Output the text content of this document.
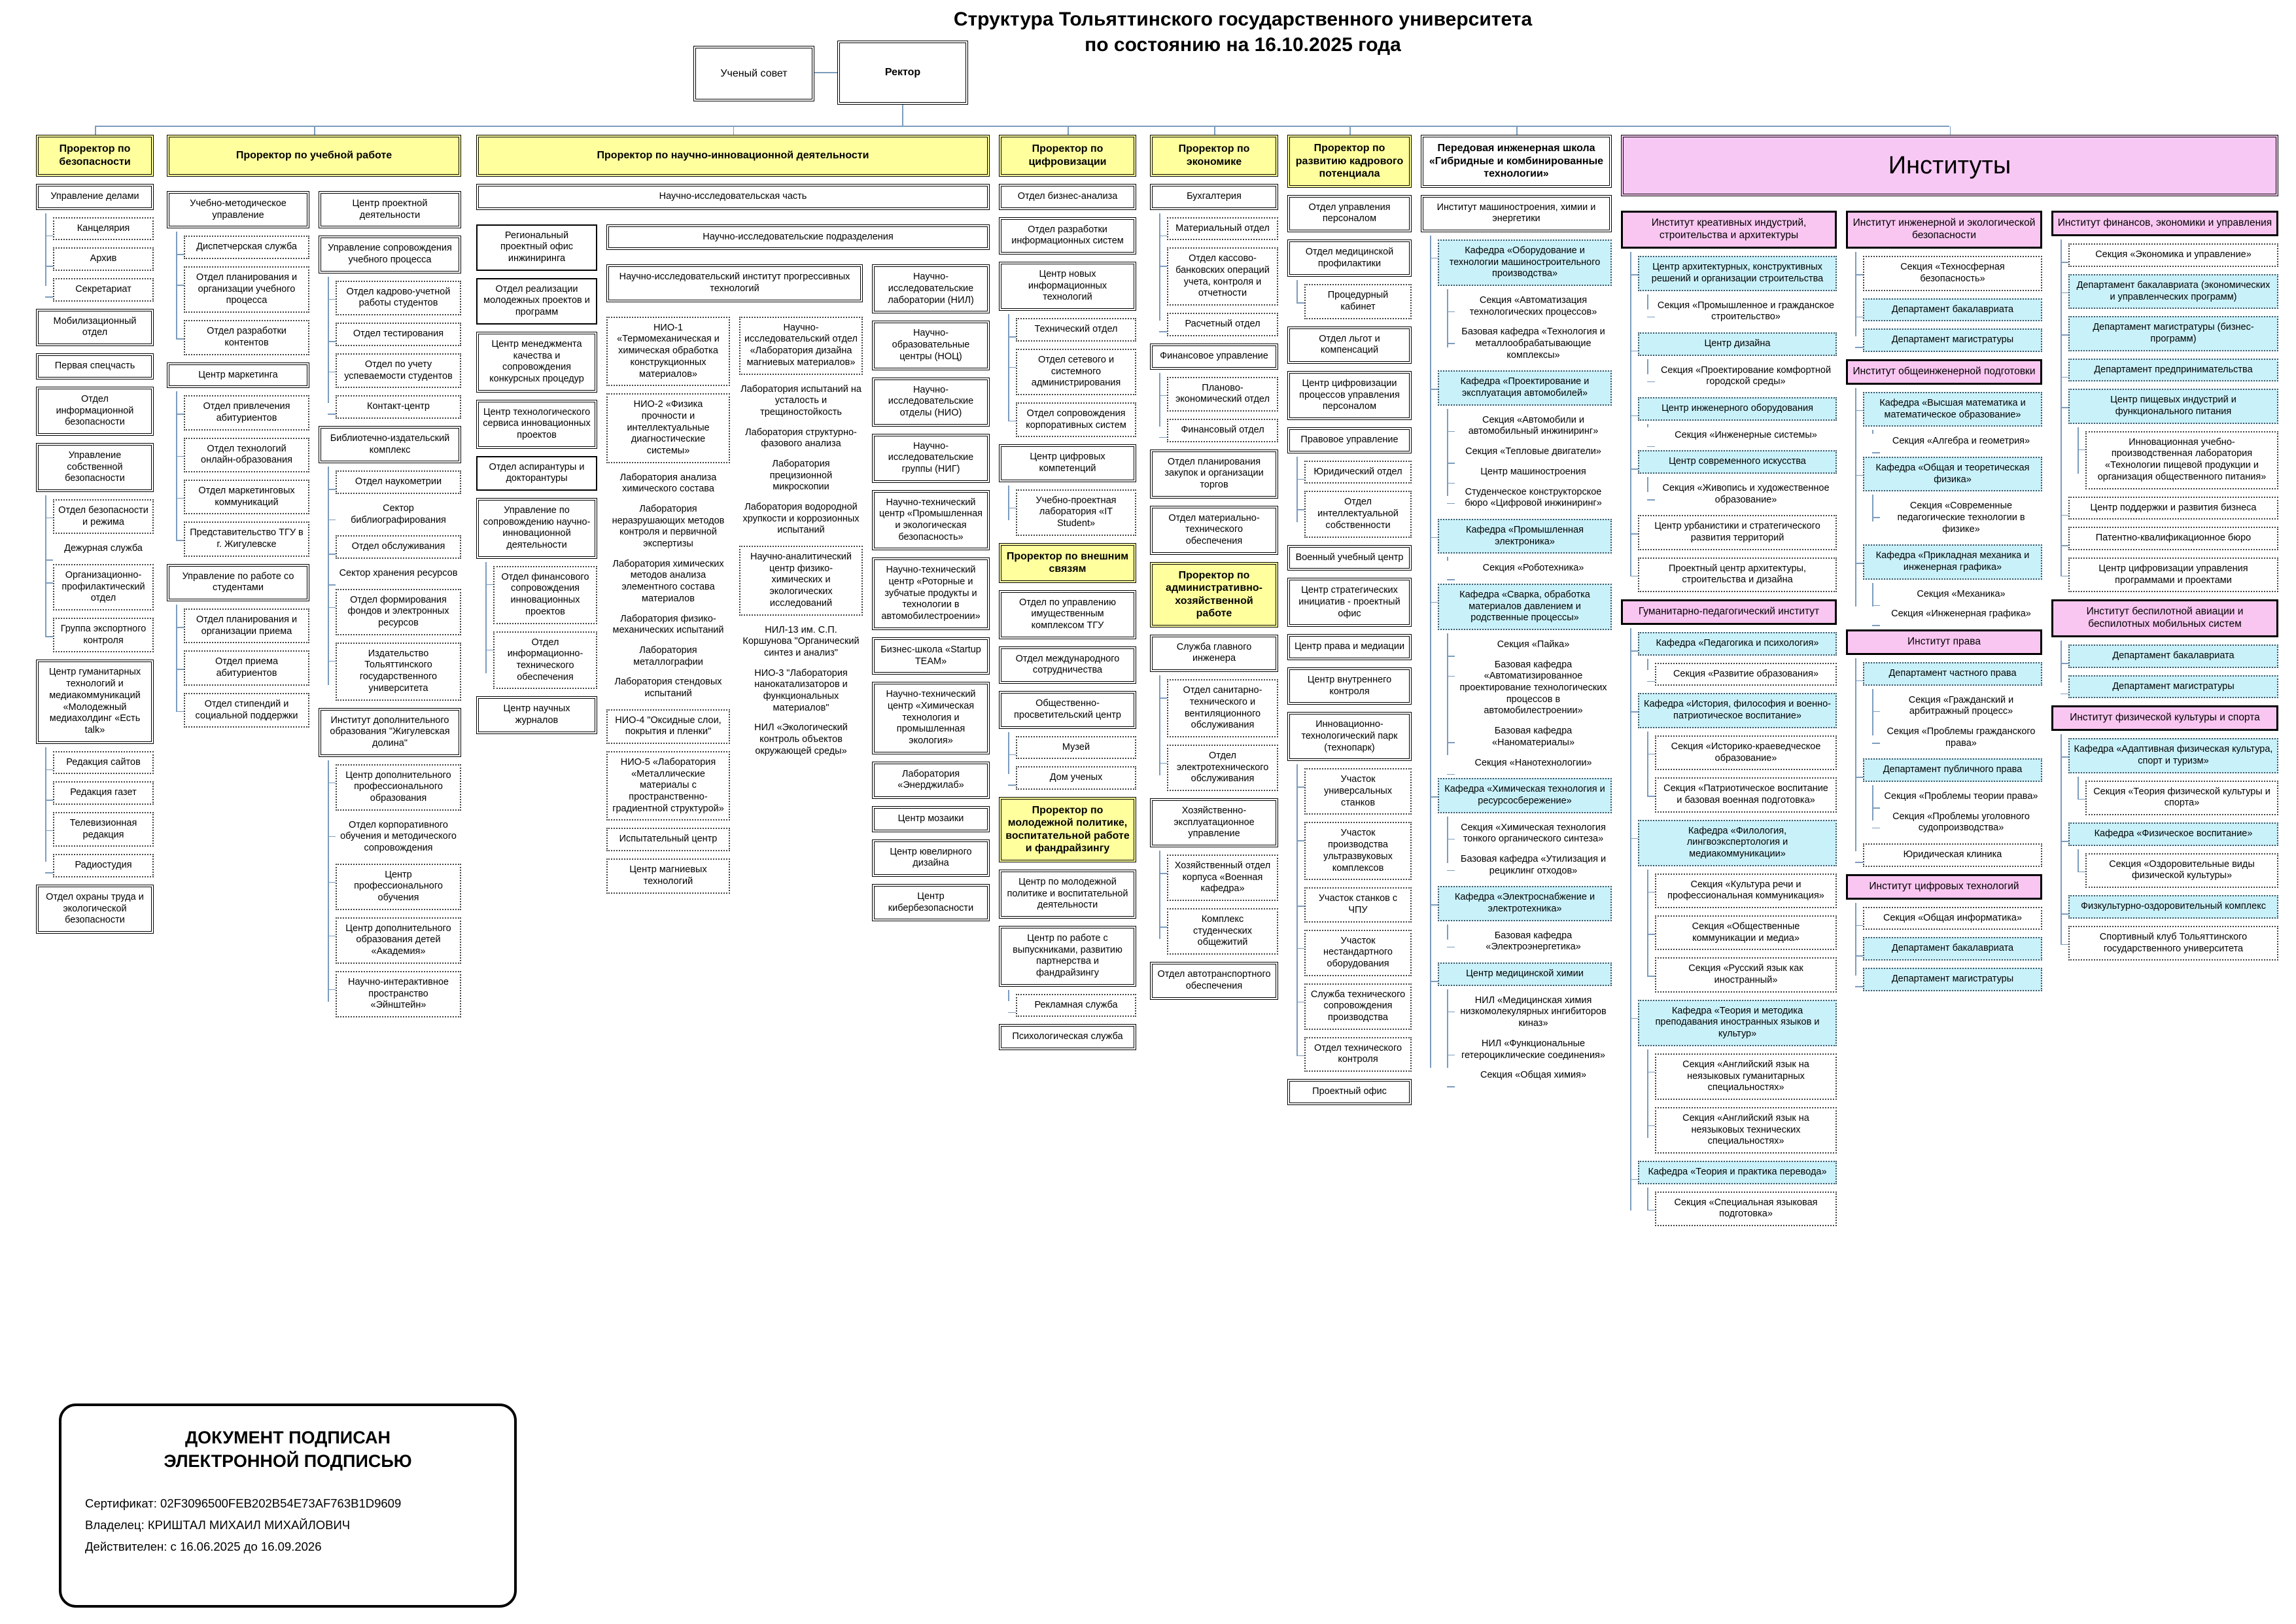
Структура Тольяттинского государственного университета
по состоянию на 16.10.2025 года
Ученый совет	Ректор
Проректор по безопасности
Управление делами
Канцелярия
Архив
Секретариат
Мобилизационный отдел
Первая спецчасть
Отдел информационной безопасности
Управление собственной безопасности
Отдел безопасности и режима
Дежурная служба
Организационно-профилактический отдел
Группа экспортного контроля
Центр гуманитарных технологий и медиакоммуникаций «Молодежный медиахолдинг «Есть talk»
Редакция сайтов
Редакция газет
Телевизионная редакция
Радиостудия
Отдел охраны труда и экологической безопасности
Проректор по учебной работе
Учебно-методическое управление
Диспетчерская служба
Отдел планирования и организации учебного процесса
Отдел разработки контентов
Центр маркетинга
Отдел привлечения абитуриентов
Отдел технологий онлайн-образования
Отдел маркетинговых коммуникаций
Представительство ТГУ в г. Жигулевске
Управление по работе со студентами
Отдел планирования и организации приема
Отдел приема абитуриентов
Отдел стипендий и социальной поддержки
Центр проектной деятельности
Управление сопровождения учебного процесса
Отдел кадрово-учетной работы студентов
Отдел тестирования
Отдел по учету успеваемости студентов
Контакт-центр
Библиотечно-издательский комплекс
Отдел наукометрии
Сектор библиографирования
Отдел обслуживания
Сектор хранения ресурсов
Отдел формирования фондов и электронных ресурсов
Издательство Тольяттинского государственного университета
Институт дополнительного образования "Жигулевская долина"
Центр дополнительного профессионального образования
Отдел корпоративного обучения и методического сопровождения
Центр профессионального обучения
Центр дополнительного образования детей «Академия»
Научно-интерактивное пространство «Эйнштейн»
Проректор по научно-инновационной деятельности
Научно-исследовательская часть
Региональный проектный офис инжиниринга
Отдел реализации молодежных проектов и программ
Центр менеджмента качества и сопровождения конкурсных процедур
Центр технологического сервиса инновационных проектов
Отдел аспирантуры и докторантуры
Управление по сопровождению научно-инновационной деятельности
Отдел финансового сопровождения инновационных проектов
Отдел информационно-технического обеспечения
Центр научных журналов
Научно-исследовательские подразделения
Научно-исследовательский институт прогрессивных технологий
НИО-1 «Термомеханическая и химическая обработка конструкционных материалов»
НИО-2 «Физика прочности и интеллектуальные диагностические системы»
Лаборатория анализа химического состава
Лаборатория неразрушающих методов контроля и первичной экспертизы
Лаборатория химических методов анализа элементного состава материалов
Лаборатория физико-механических испытаний
Лаборатория металлографии
Лаборатория стендовых испытаний
НИО-4 "Оксидные слои, покрытия и пленки"
НИО-5 «Лаборатория «Металлические материалы с пространственно-градиентной структурой»
Испытательный центр
Центр магниевых технологий
Научно-исследовательский отдел «Лаборатория дизайна магниевых материалов»
Лаборатория испытаний на усталость и трещиностойкость
Лаборатория структурно-фазового анализа
Лаборатория прецизионной микроскопии
Лаборатория водородной хрупкости и коррозионных испытаний
Научно-аналитический центр физико-химических и экологических исследований
НИЛ-13 им. С.П. Коршунова "Органический синтез и анализ"
НИО-3 "Лаборатория нанокатализаторов и функциональных материалов"
НИЛ «Экологический контроль объектов окружающей среды»
Научно-исследовательские лаборатории (НИЛ)
Научно-образовательные центры (НОЦ)
Научно-исследовательские отделы (НИО)
Научно-исследовательские группы (НИГ)
Научно-технический центр «Промышленная и экологическая безопасность»
Научно-технический центр «Роторные и зубчатые продукты и технологии в автомобилестроении»
Бизнес-школа «Startup TEAM»
Научно-технический центр «Химическая технология и промышленная экология»
Лаборатория «Энерджилаб»
Центр мозаики
Центр ювелирного дизайна
Центр кибербезопасности
Проректор по цифровизации
Отдел бизнес-анализа
Отдел разработки информационных систем
Центр новых информационных технологий
Технический отдел
Отдел сетевого и системного администрирования
Отдел сопровождения корпоративных систем
Центр цифровых компетенций
Учебно-проектная лаборатория «IT Student»
Проректор по внешним связям
Отдел по управлению имущественным комплексом ТГУ
Отдел международного сотрудничества
Общественно-просветительский центр
Музей
Дом ученых
Проректор по молодежной политике, воспитательной работе и фандрайзингу
Центр по молодежной политике и воспитательной деятельности
Центр по работе с выпускниками, развитию партнерства и фандрайзингу
Рекламная служба
Психологическая служба
Проректор по экономике
Бухгалтерия
Материальный отдел
Отдел кассово-банковских операций учета, контроля и отчетности
Расчетный отдел
Финансовое управление
Планово-экономический отдел
Финансовый отдел
Отдел планирования закупок и организации торгов
Отдел материально-технического обеспечения
Проректор по административно-хозяйственной работе
Служба главного инженера
Отдел санитарно-технического и вентиляционного обслуживания
Отдел электротехнического обслуживания
Хозяйственно-эксплуатационное управление
Хозяйственный отдел корпуса «Военная кафедра»
Комплекс студенческих общежитий
Отдел автотранспортного обеспечения
Проректор по развитию кадрового потенциала
Отдел управления персоналом
Отдел медицинской профилактики
Процедурный кабинет
Отдел льгот и компенсаций
Центр цифровизации процессов управления персоналом
Правовое управление
Юридический отдел
Отдел интеллектуальной собственности
Военный учебный центр
Центр стратегических инициатив - проектный офис
Центр права и медиации
Центр внутреннего контроля
Инновационно-технологический парк (технопарк)
Участок универсальных станков
Участок производства ультразвуковых комплексов
Участок станков с ЧПУ
Участок нестандартного оборудования
Служба технического сопровождения производства
Отдел технического контроля
Проектный офис
Передовая инженерная школа «Гибридные и комбинированные технологии»
Институт машиностроения, химии и энергетики
Кафедра «Оборудование и технологии машиностроительного производства»
Секция «Автоматизация технологических процессов»
Базовая кафедра «Технология и металлообрабатывающие комплексы»
Кафедра «Проектирование и эксплуатация автомобилей»
Секция «Автомобили и автомобильный инжиниринг»
Секция «Тепловые двигатели»
Центр машиностроения
Студенческое конструкторское бюро «Цифровой инжиниринг»
Кафедра «Промышленная электроника»
Секция «Роботехника»
Кафедра «Сварка, обработка материалов давлением и родственные процессы»
Секция «Пайка»
Базовая кафедра «Автоматизированное проектирование технологических процессов в автомобилестроении»
Базовая кафедра «Наноматериалы»
Секция «Нанотехнологии»
Кафедра «Химическая технология и ресурсосбережение»
Секция «Химическая технология тонкого органического синтеза»
Базовая кафедра «Утилизация и рециклинг отходов»
Кафедра «Электроснабжение и электротехника»
Базовая кафедра «Электроэнергетика»
Центр медицинской химии
НИЛ «Медицинская химия низкомолекулярных ингибиторов киназ»
НИЛ «Функциональные гетероциклические соединения»
Секция «Общая химия»
Институты
Институт креативных индустрий, строительства и архитектуры
Центр архитектурных, конструктивных решений и организации строительства
Секция «Промышленное и гражданское строительство»
Центр дизайна
Секция «Проектирование комфортной городской среды»
Центр инженерного оборудования
Секция «Инженерные системы»
Центр современного искусства
Секция «Живопись и художественное образование»
Центр урбанистики и стратегического развития территорий
Проектный центр архитектуры, строительства и дизайна
Гуманитарно-педагогический институт
Кафедра «Педагогика и психология»
Секция «Развитие образования»
Кафедра «История, философия и военно-патриотическое воспитание»
Секция «Историко-краеведческое образование»
Секция «Патриотическое воспитание и базовая военная подготовка»
Кафедра «Филология, лингвоэкспертология и медиакоммуникации»
Секция «Культура речи и профессиональная коммуникация»
Секция «Общественные коммуникации и медиа»
Секция «Русский язык как иностранный»
Кафедра «Теория и методика преподавания иностранных языков и культур»
Секция «Английский язык на неязыковых гуманитарных специальностях»
Секция «Английский язык на неязыковых технических специальностях»
Кафедра «Теория и практика перевода»
Секция «Специальная языковая подготовка»
Институт инженерной и экологической безопасности
Секция «Техносферная безопасность»
Департамент бакалавриата
Департамент магистратуры
Институт общеинженерной подготовки
Кафедра «Высшая математика и математическое образование»
Секция «Алгебра и геометрия»
Кафедра «Общая и теоретическая физика»
Секция «Современные педагогические технологии в физике»
Кафедра «Прикладная механика и инженерная графика»
Секция «Механика»
Секция «Инженерная графика»
Институт права
Департамент частного права
Секция «Гражданский и арбитражный процесс»
Секция «Проблемы гражданского права»
Департамент публичного права
Секция «Проблемы теории права»
Секция «Проблемы уголовного судопроизводства»
Юридическая клиника
Институт цифровых технологий
Секция «Общая информатика»
Департамент бакалавриата
Департамент магистратуры
Институт финансов, экономики и управления
Секция «Экономика и управление»
Департамент бакалавриата (экономических и управленческих программ)
Департамент магистратуры (бизнес-программ)
Департамент предпринимательства
Центр пищевых индустрий и функционального питания
Инновационная учебно-производственная лаборатория «Технологии пищевой продукции и организация общественного питания»
Центр поддержки и развития бизнеса
Патентно-квалификационное бюро
Центр цифровизации управления программами и проектами
Институт беспилотной авиации и беспилотных мобильных систем
Департамент бакалавриата
Департамент магистратуры
Институт физической культуры и спорта
Кафедра «Адаптивная физическая культура, спорт и туризм»
Секция «Теория физической культуры и спорта»
Кафедра «Физическое воспитание»
Секция «Оздоровительные виды физической культуры»
Физкультурно-оздоровительный комплекс
Спортивный клуб Тольяттинского государственного университета
ДОКУМЕНТ ПОДПИСАН
ЭЛЕКТРОННОЙ ПОДПИСЬЮ
Сертификат: 02F3096500FEB202B54E73AF763B1D9609
Владелец: КРИШТАЛ МИХАИЛ МИХАЙЛОВИЧ
Действителен: с 16.06.2025 до 16.09.2026
